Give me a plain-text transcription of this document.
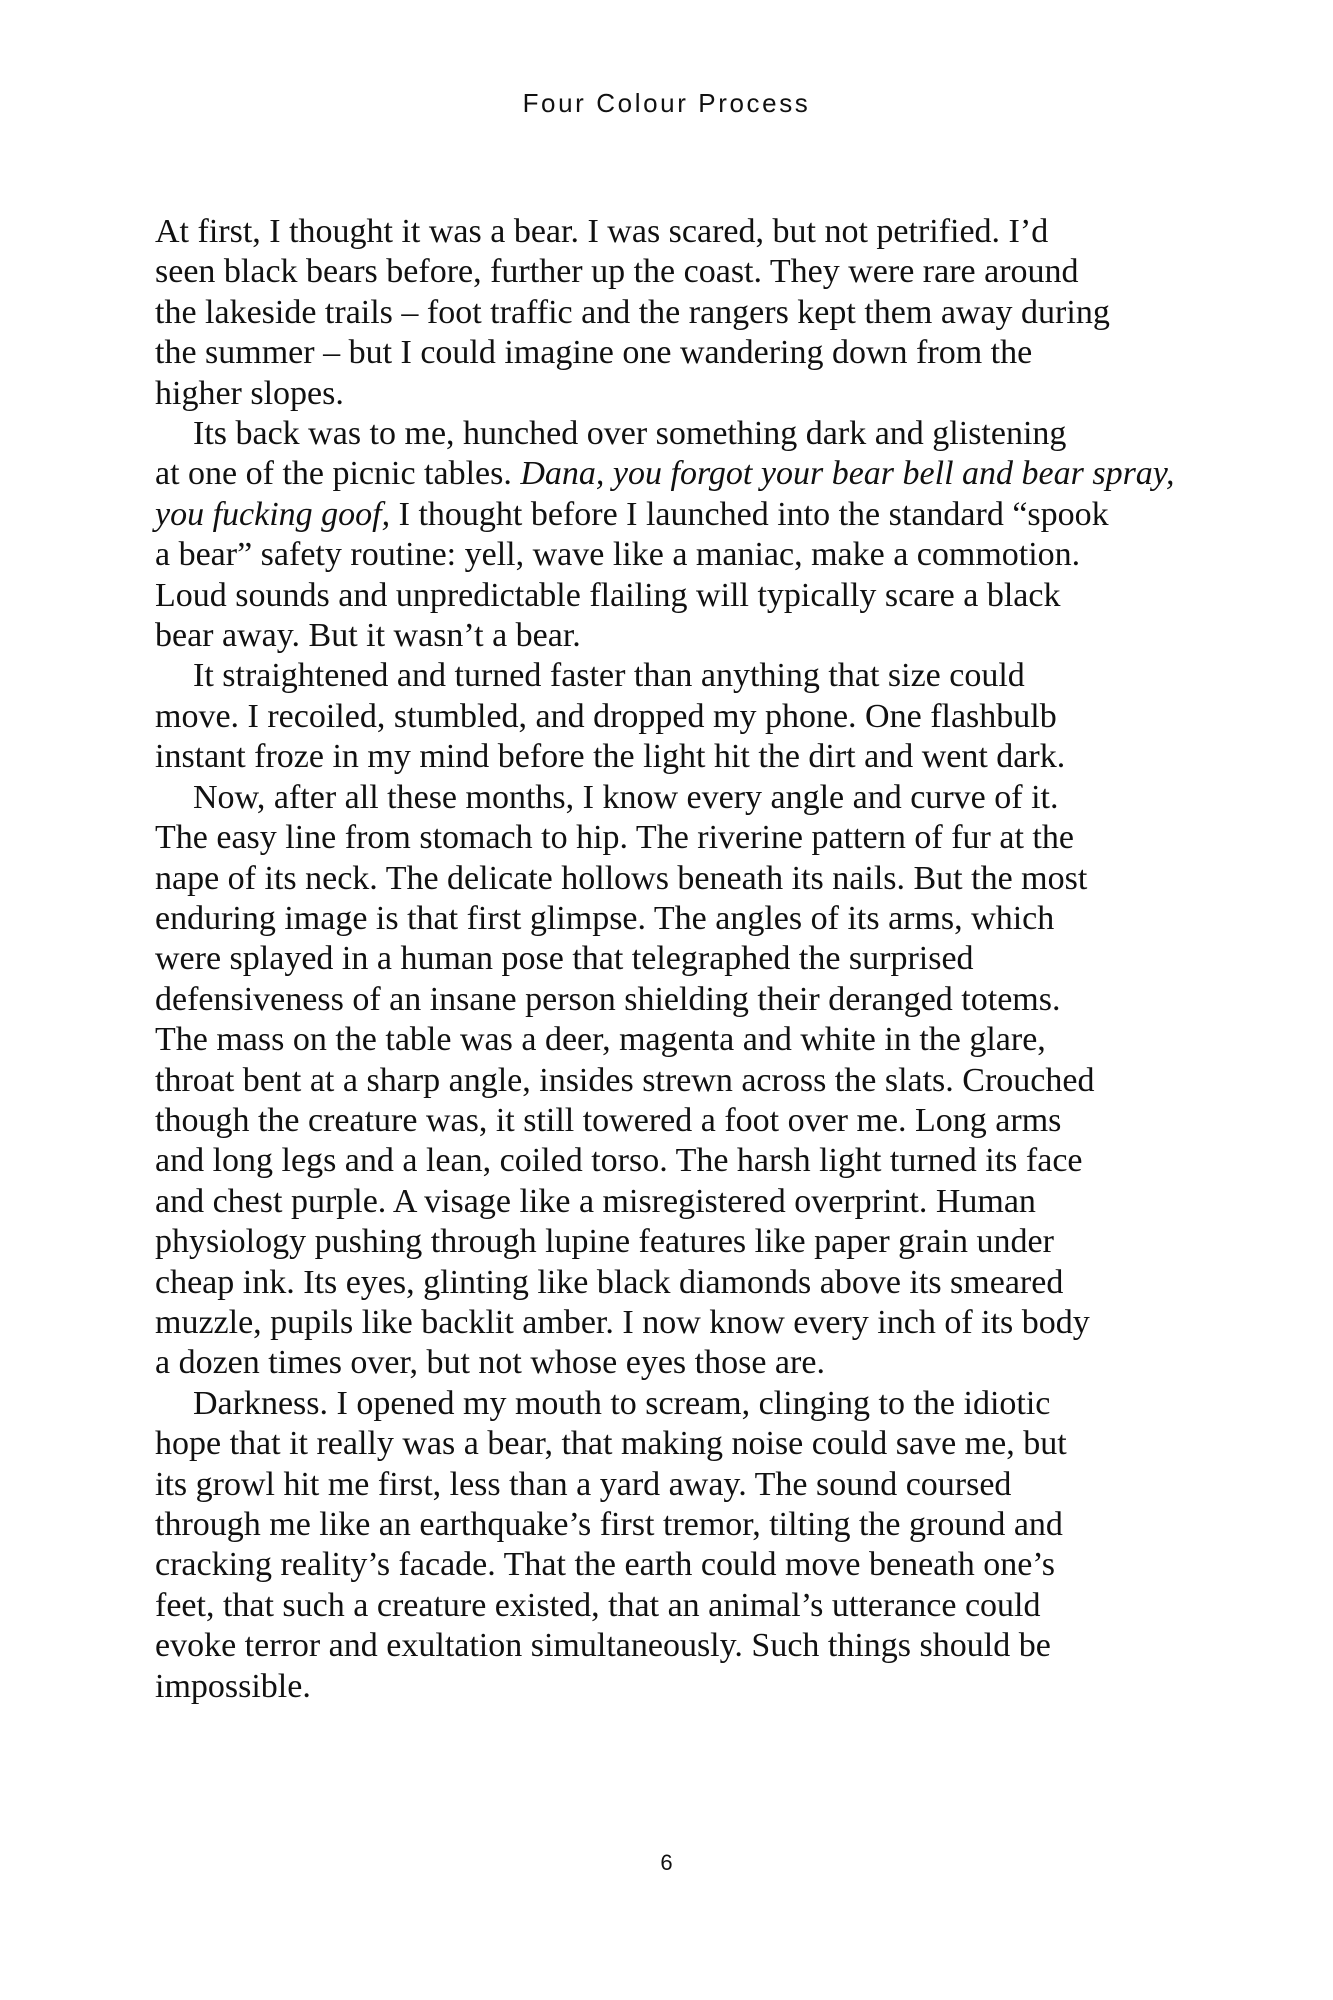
Four Colour Process
At first, I thought it was a bear. I was scared, but not petrified. I’d
seen black bears before, further up the coast. They were rare around
the lakeside trails – foot traffic and the rangers kept them away during
the summer – but I could imagine one wandering down from the
higher slopes.
Its back was to me, hunched over something dark and glistening
at one of the picnic tables. Dana, you forgot your bear bell and bear spray,
you fucking goof, I thought before I launched into the standard “spook
a bear” safety routine: yell, wave like a maniac, make a commotion.
Loud sounds and unpredictable flailing will typically scare a black
bear away. But it wasn’t a bear.
It straightened and turned faster than anything that size could
move. I recoiled, stumbled, and dropped my phone. One flashbulb
instant froze in my mind before the light hit the dirt and went dark.
Now, after all these months, I know every angle and curve of it.
The easy line from stomach to hip. The riverine pattern of fur at the
nape of its neck. The delicate hollows beneath its nails. But the most
enduring image is that first glimpse. The angles of its arms, which
were splayed in a human pose that telegraphed the surprised
defensiveness of an insane person shielding their deranged totems.
The mass on the table was a deer, magenta and white in the glare,
throat bent at a sharp angle, insides strewn across the slats. Crouched
though the creature was, it still towered a foot over me. Long arms
and long legs and a lean, coiled torso. The harsh light turned its face
and chest purple. A visage like a misregistered overprint. Human
physiology pushing through lupine features like paper grain under
cheap ink. Its eyes, glinting like black diamonds above its smeared
muzzle, pupils like backlit amber. I now know every inch of its body
a dozen times over, but not whose eyes those are.
Darkness. I opened my mouth to scream, clinging to the idiotic
hope that it really was a bear, that making noise could save me, but
its growl hit me first, less than a yard away. The sound coursed
through me like an earthquake’s first tremor, tilting the ground and
cracking reality’s facade. That the earth could move beneath one’s
feet, that such a creature existed, that an animal’s utterance could
evoke terror and exultation simultaneously. Such things should be
impossible.
6
